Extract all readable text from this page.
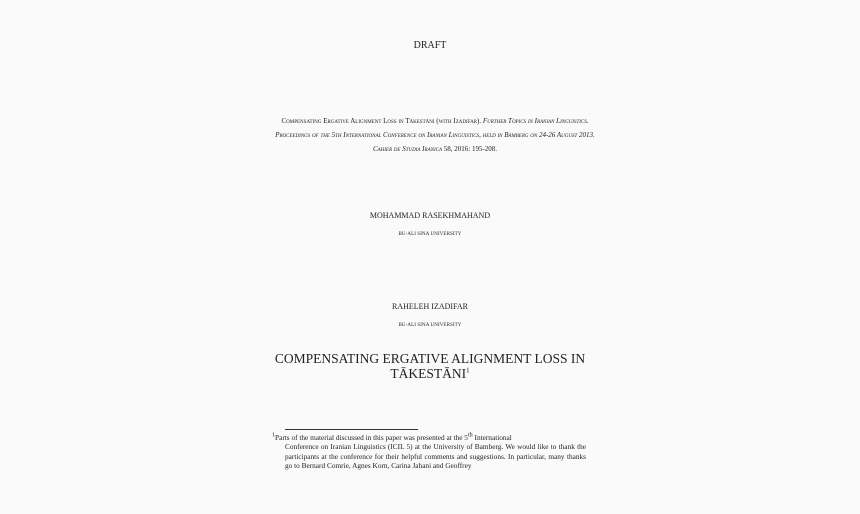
DRAFT
Compensating Ergative Alignment Loss in Tākestāni (with Izadifar). Further Topics in Iranian Linguistics. Proceedings of the 5th International Conference on Iranian Linguistics, held in Bamberg on 24-26 August 2013. Cahier de Studia Iranica 58, 2016: 195-208.
MOHAMMAD RASEKHMAHAND
BU-ALI SINA UNIVERSITY
RAHELEH IZADIFAR
BU-ALI SINA UNIVERSITY
COMPENSATING ERGATIVE ALIGNMENT LOSS IN
TĀKESTĀNI$^1$
$^1$Parts of the material discussed in this paper was presented at the 5th International
Conference on Iranian Linguistics (ICIL 5) at the University of Bamberg. We would like to thank the participants at the conference for their helpful comments and suggestions. In particular, many thanks go to Bernard Comrie, Agnes Korn, Carina Jahani and Geoffrey
